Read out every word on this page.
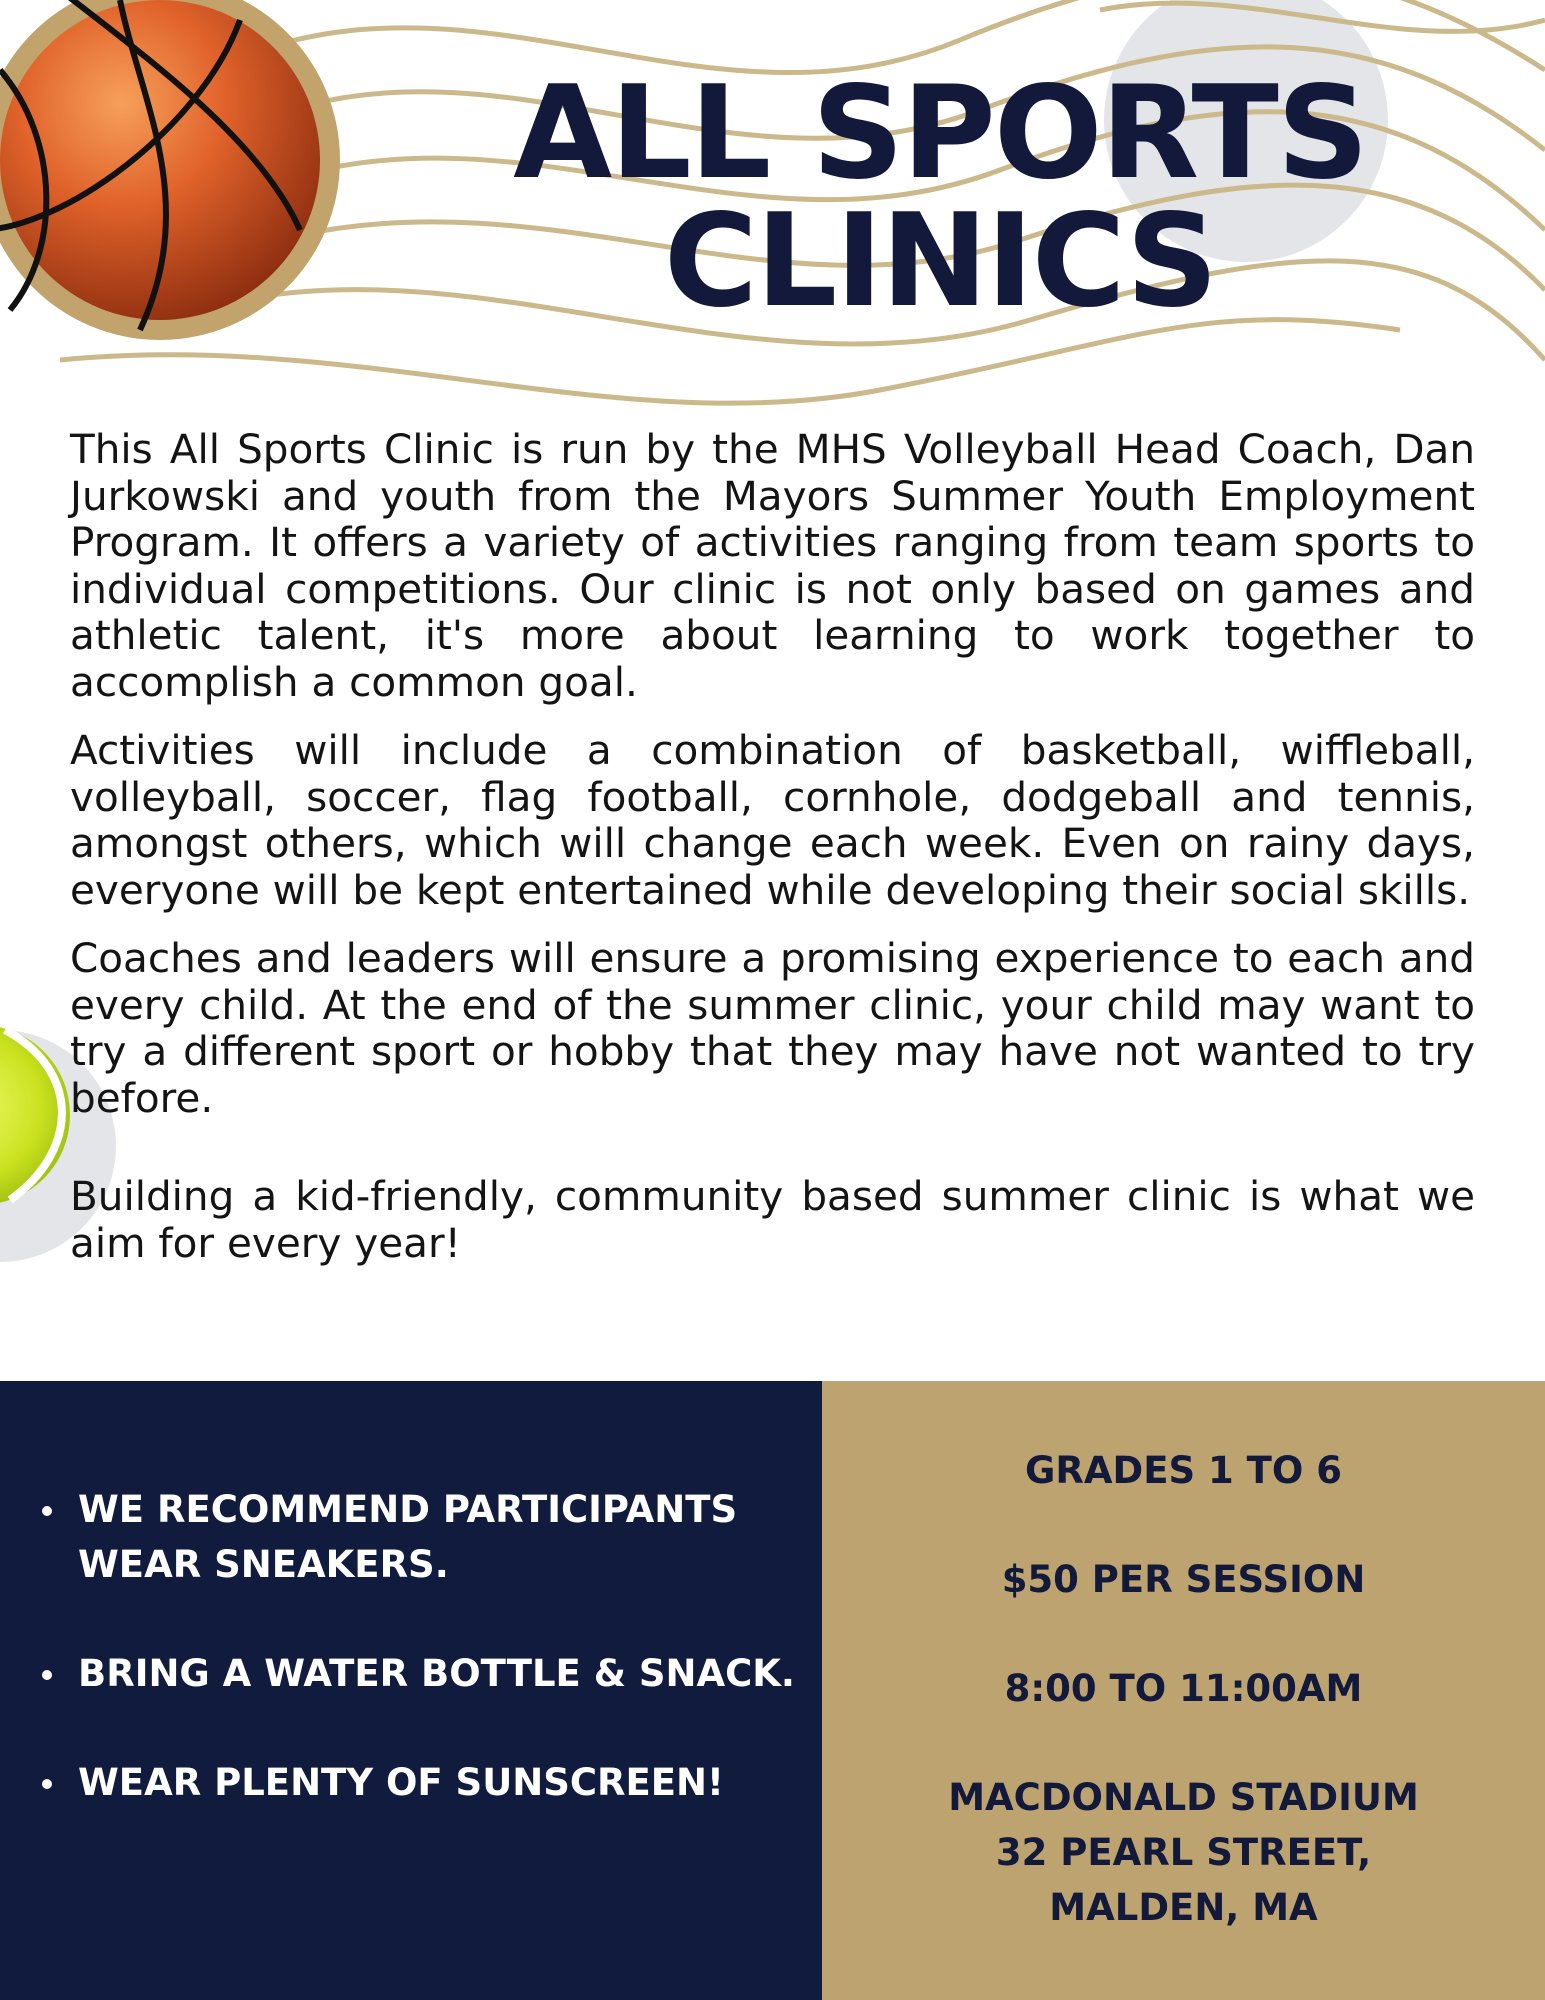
ALL SPORTS
CLINICS

This All Sports Clinic is run by the MHS Volleyball Head Coach, Dan Jurkowski and youth from the Mayors Summer Youth Employment Program. It offers a variety of activities ranging from team sports to individual competitions. Our clinic is not only based on games and athletic talent, it's more about learning to work together to accomplish a common goal.

Activities will include a combination of basketball, wiffleball, volleyball, soccer, flag football, cornhole, dodgeball and tennis, amongst others, which will change each week. Even on rainy days, everyone will be kept entertained while developing their social skills.

Coaches and leaders will ensure a promising experience to each and every child. At the end of the summer clinic, your child may want to try a different sport or hobby that they may have not wanted to try before.

Building a kid-friendly, community based summer clinic is what we aim for every year!

WE RECOMMEND PARTICIPANTS WEAR SNEAKERS.
BRING A WATER BOTTLE & SNACK.
WEAR PLENTY OF SUNSCREEN!
GRADES 1 TO 6
$50 PER SESSION
8:00 TO 11:00AM
MACDONALD STADIUM
32 PEARL STREET,
MALDEN, MA
